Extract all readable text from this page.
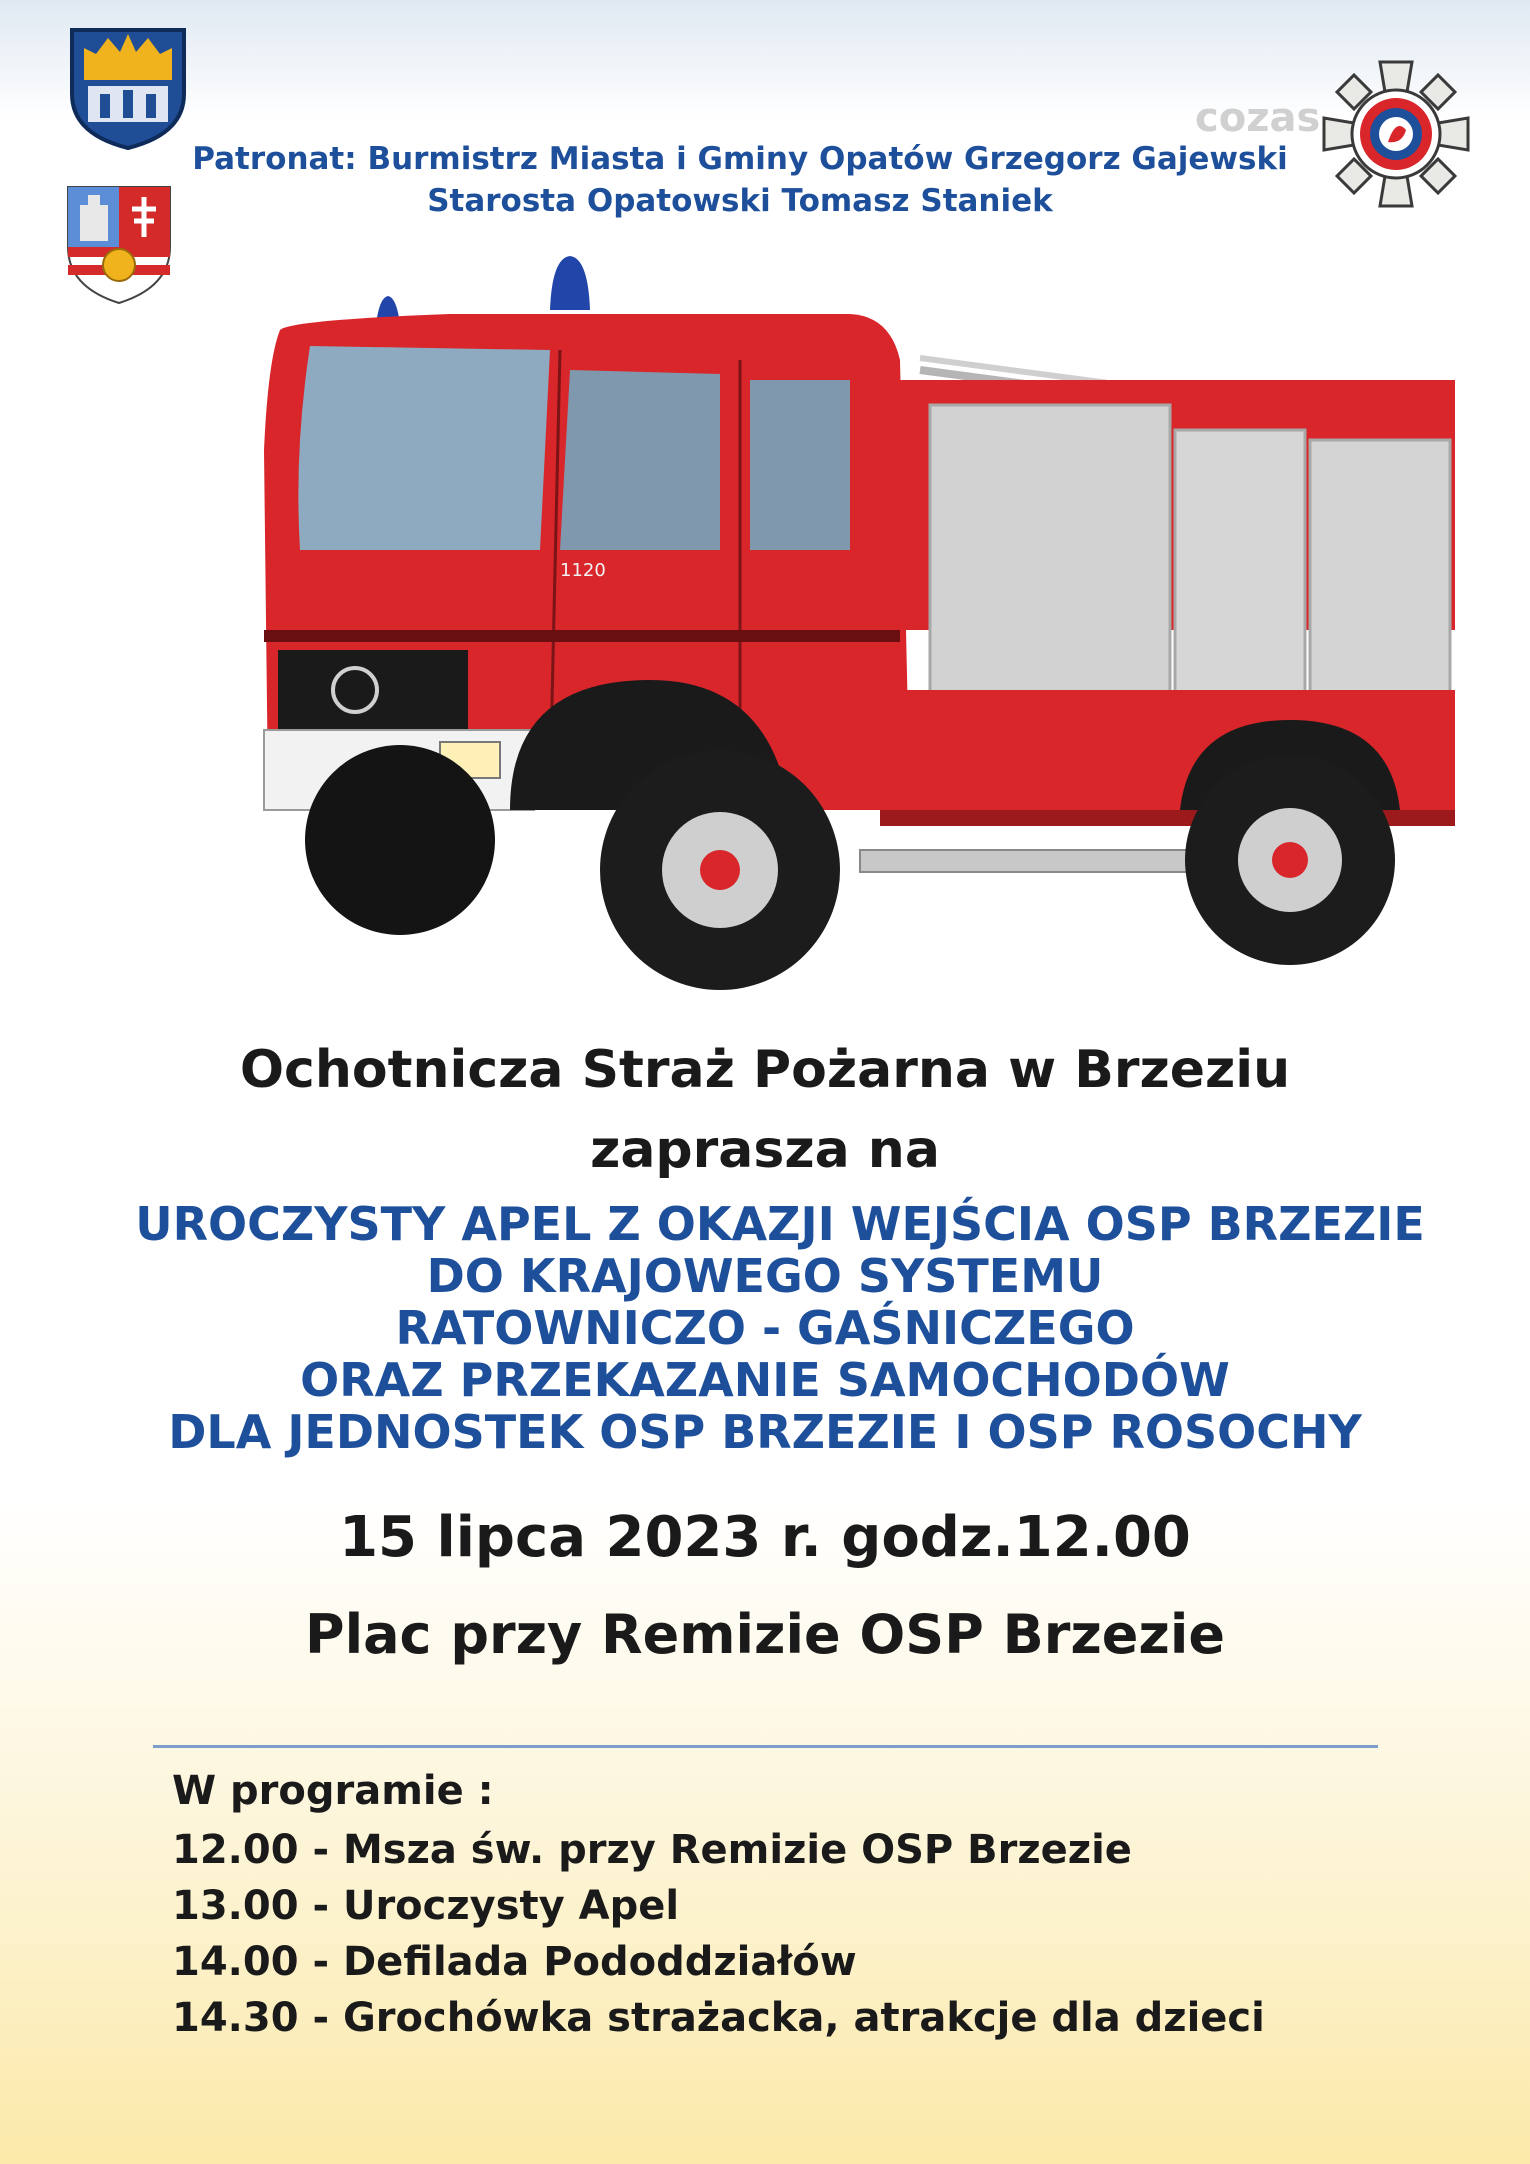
Patronat: Burmistrz Miasta i Gminy Opatów Grzegorz Gajewski
Starosta Opatowski Tomasz Staniek
cozas
1120
Ochotnicza Straż Pożarna w Brzeziu
zaprasza na
UROCZYSTY APEL Z OKAZJI WEJŚCIA OSP BRZEZIE
DO KRAJOWEGO SYSTEMU
RATOWNICZO - GAŚNICZEGO
ORAZ PRZEKAZANIE SAMOCHODÓW
DLA JEDNOSTEK OSP BRZEZIE I OSP ROSOCHY
15 lipca 2023 r. godz.12.00
Plac przy Remizie OSP Brzezie
W programie :
12.00 - Msza św. przy Remizie OSP Brzezie
13.00 - Uroczysty Apel
14.00 - Defilada Pododdziałów
14.30 - Grochówka strażacka, atrakcje dla dzieci
